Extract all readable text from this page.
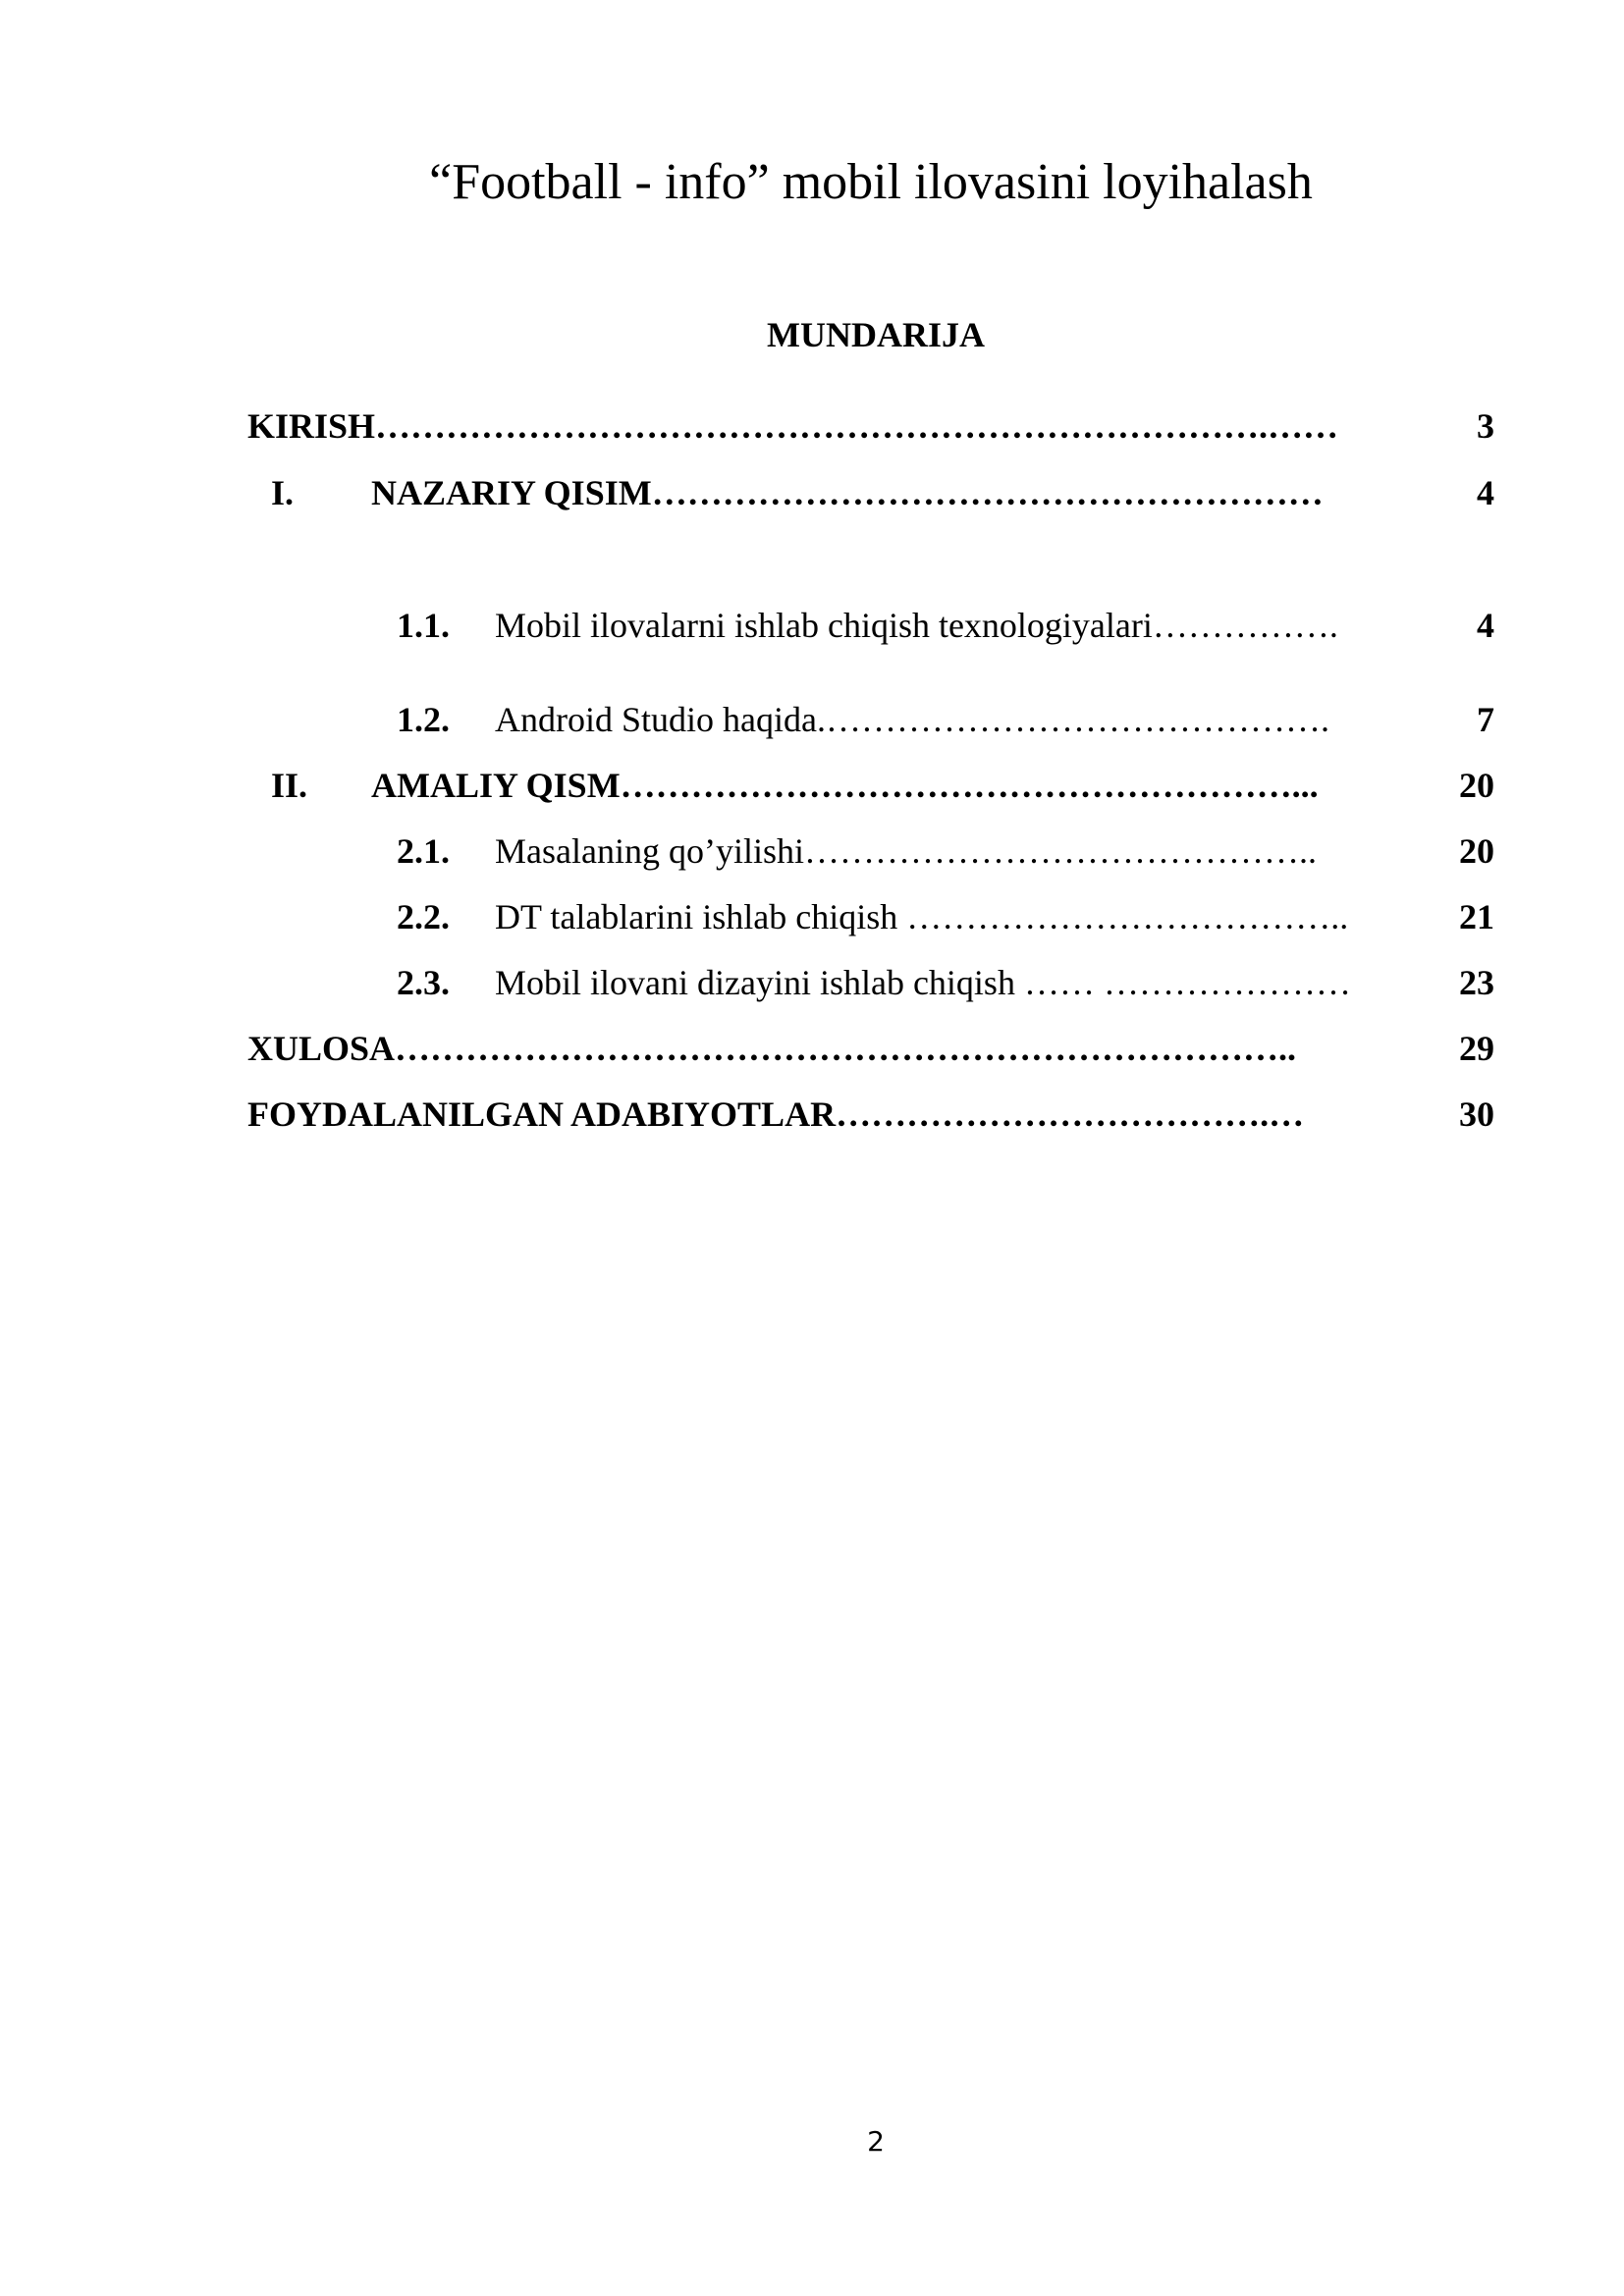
“Football - info” mobil ilovasini loyihalash
MUNDARIJA
KIRISH………………………………………………………………….……	3
I. NAZARIY QISIM…………………………………………………	4
1.1. Mobil ilovalarni ishlab chiqish texnologiyalari…………….	4
1.2. Android Studio haqida.…………………………………….	7
II. AMALIY QISM…………………………………………………...	20
2.1. Masalaning qo’yilishi……………………………………..	20
2.2. DT talablarini ishlab chiqish ………………………………..	21
2.3. Mobil ilovani dizayini ishlab chiqish …… …………………	23
XULOSA…………………………………………………………………..	29
FOYDALANILGAN ADABIYOTLAR……………………………….…	30
2
